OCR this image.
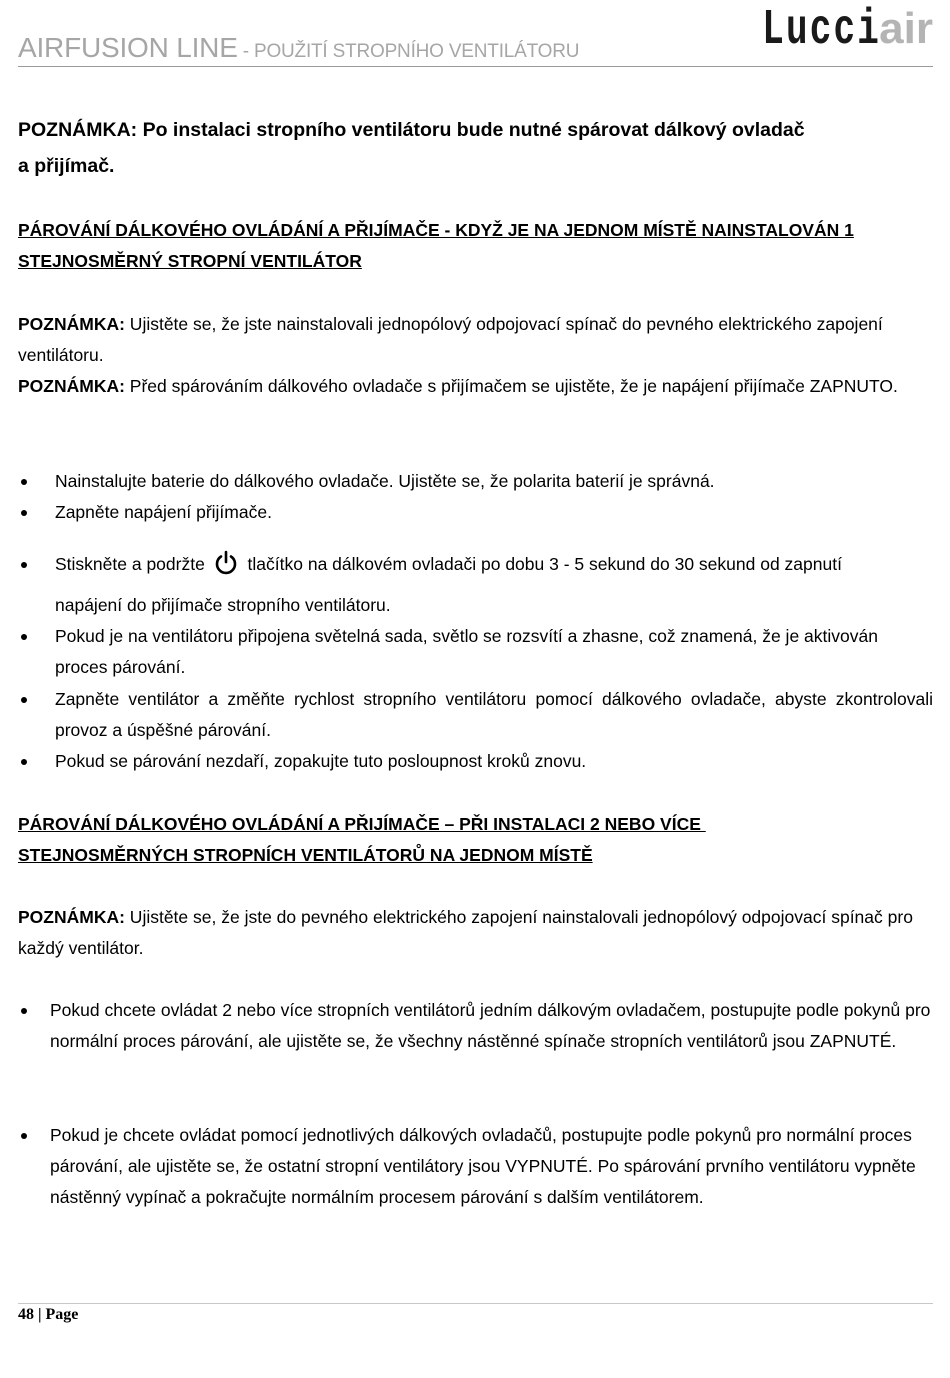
AIRFUSION LINE - POUŽITÍ STROPNÍHO VENTILÁTORU	Lucciair
POZNÁMKA: Po instalaci stropního ventilátoru bude nutné spárovat dálkový ovladač
a přijímač.
PÁROVÁNÍ DÁLKOVÉHO OVLÁDÁNÍ A PŘIJÍMAČE - KDYŽ JE NA JEDNOM MÍSTĚ NAINSTALOVÁN 1
STEJNOSMĚRNÝ STROPNÍ VENTILÁTOR

POZNÁMKA: Ujistěte se, že jste nainstalovali jednopólový odpojovací spínač do pevného elektrického zapojení ventilátoru.

POZNÁMKA: Před spárováním dálkového ovladače s přijímačem se ujistěte, že je napájení přijímače ZAPNUTO.

Nainstalujte baterie do dálkového ovladače. Ujistěte se, že polarita baterií je správná.
Zapněte napájení přijímače.
Stiskněte a podržte  tlačítko na dálkovém ovladači po dobu 3 - 5 sekund do 30 sekund od zapnutí
napájení do přijímače stropního ventilátoru.
Pokud je na ventilátoru připojena světelná sada, světlo se rozsvítí a zhasne, což znamená, že je aktivován proces párování.
Zapněte ventilátor a změňte rychlost stropního ventilátoru pomocí dálkového ovladače, abyste zkontrolovali provoz a úspěšné párování.
Pokud se párování nezdaří, zopakujte tuto posloupnost kroků znovu.
PÁROVÁNÍ DÁLKOVÉHO OVLÁDÁNÍ A PŘIJÍMAČE – PŘI INSTALACI 2 NEBO VÍCE
STEJNOSMĚRNÝCH STROPNÍCH VENTILÁTORŮ NA JEDNOM MÍSTĚ

POZNÁMKA: Ujistěte se, že jste do pevného elektrického zapojení nainstalovali jednopólový odpojovací spínač pro každý ventilátor.

Pokud chcete ovládat 2 nebo více stropních ventilátorů jedním dálkovým ovladačem, postupujte podle pokynů pro normální proces párování, ale ujistěte se, že všechny nástěnné spínače stropních ventilátorů jsou ZAPNUTÉ.
Pokud je chcete ovládat pomocí jednotlivých dálkových ovladačů, postupujte podle pokynů pro normální proces párování, ale ujistěte se, že ostatní stropní ventilátory jsou VYPNUTÉ. Po spárování prvního ventilátoru vypněte nástěnný vypínač a pokračujte normálním procesem párování s dalším ventilátorem.
48 | Page
